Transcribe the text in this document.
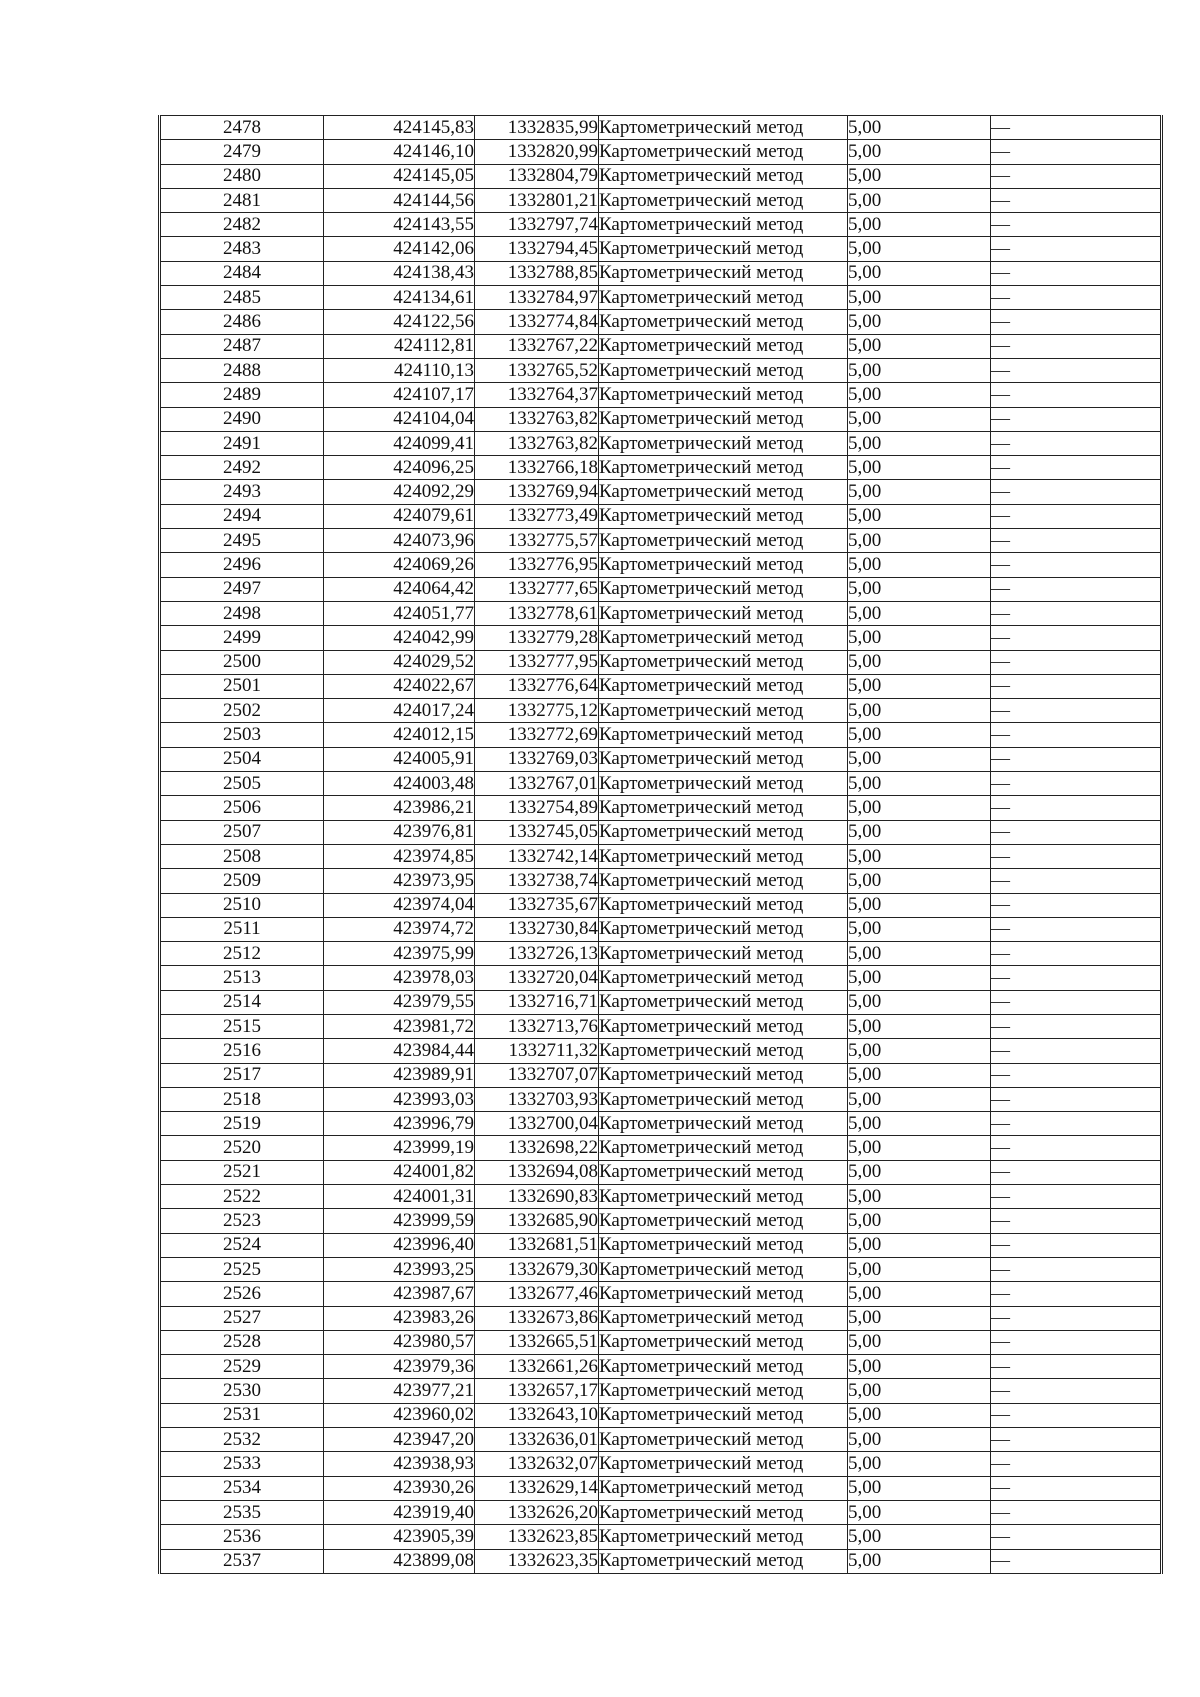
2478	424145,83	1332835,99	Картометрический метод	5,00	—
2479	424146,10	1332820,99	Картометрический метод	5,00	—
2480	424145,05	1332804,79	Картометрический метод	5,00	—
2481	424144,56	1332801,21	Картометрический метод	5,00	—
2482	424143,55	1332797,74	Картометрический метод	5,00	—
2483	424142,06	1332794,45	Картометрический метод	5,00	—
2484	424138,43	1332788,85	Картометрический метод	5,00	—
2485	424134,61	1332784,97	Картометрический метод	5,00	—
2486	424122,56	1332774,84	Картометрический метод	5,00	—
2487	424112,81	1332767,22	Картометрический метод	5,00	—
2488	424110,13	1332765,52	Картометрический метод	5,00	—
2489	424107,17	1332764,37	Картометрический метод	5,00	—
2490	424104,04	1332763,82	Картометрический метод	5,00	—
2491	424099,41	1332763,82	Картометрический метод	5,00	—
2492	424096,25	1332766,18	Картометрический метод	5,00	—
2493	424092,29	1332769,94	Картометрический метод	5,00	—
2494	424079,61	1332773,49	Картометрический метод	5,00	—
2495	424073,96	1332775,57	Картометрический метод	5,00	—
2496	424069,26	1332776,95	Картометрический метод	5,00	—
2497	424064,42	1332777,65	Картометрический метод	5,00	—
2498	424051,77	1332778,61	Картометрический метод	5,00	—
2499	424042,99	1332779,28	Картометрический метод	5,00	—
2500	424029,52	1332777,95	Картометрический метод	5,00	—
2501	424022,67	1332776,64	Картометрический метод	5,00	—
2502	424017,24	1332775,12	Картометрический метод	5,00	—
2503	424012,15	1332772,69	Картометрический метод	5,00	—
2504	424005,91	1332769,03	Картометрический метод	5,00	—
2505	424003,48	1332767,01	Картометрический метод	5,00	—
2506	423986,21	1332754,89	Картометрический метод	5,00	—
2507	423976,81	1332745,05	Картометрический метод	5,00	—
2508	423974,85	1332742,14	Картометрический метод	5,00	—
2509	423973,95	1332738,74	Картометрический метод	5,00	—
2510	423974,04	1332735,67	Картометрический метод	5,00	—
2511	423974,72	1332730,84	Картометрический метод	5,00	—
2512	423975,99	1332726,13	Картометрический метод	5,00	—
2513	423978,03	1332720,04	Картометрический метод	5,00	—
2514	423979,55	1332716,71	Картометрический метод	5,00	—
2515	423981,72	1332713,76	Картометрический метод	5,00	—
2516	423984,44	1332711,32	Картометрический метод	5,00	—
2517	423989,91	1332707,07	Картометрический метод	5,00	—
2518	423993,03	1332703,93	Картометрический метод	5,00	—
2519	423996,79	1332700,04	Картометрический метод	5,00	—
2520	423999,19	1332698,22	Картометрический метод	5,00	—
2521	424001,82	1332694,08	Картометрический метод	5,00	—
2522	424001,31	1332690,83	Картометрический метод	5,00	—
2523	423999,59	1332685,90	Картометрический метод	5,00	—
2524	423996,40	1332681,51	Картометрический метод	5,00	—
2525	423993,25	1332679,30	Картометрический метод	5,00	—
2526	423987,67	1332677,46	Картометрический метод	5,00	—
2527	423983,26	1332673,86	Картометрический метод	5,00	—
2528	423980,57	1332665,51	Картометрический метод	5,00	—
2529	423979,36	1332661,26	Картометрический метод	5,00	—
2530	423977,21	1332657,17	Картометрический метод	5,00	—
2531	423960,02	1332643,10	Картометрический метод	5,00	—
2532	423947,20	1332636,01	Картометрический метод	5,00	—
2533	423938,93	1332632,07	Картометрический метод	5,00	—
2534	423930,26	1332629,14	Картометрический метод	5,00	—
2535	423919,40	1332626,20	Картометрический метод	5,00	—
2536	423905,39	1332623,85	Картометрический метод	5,00	—
2537	423899,08	1332623,35	Картометрический метод	5,00	—
